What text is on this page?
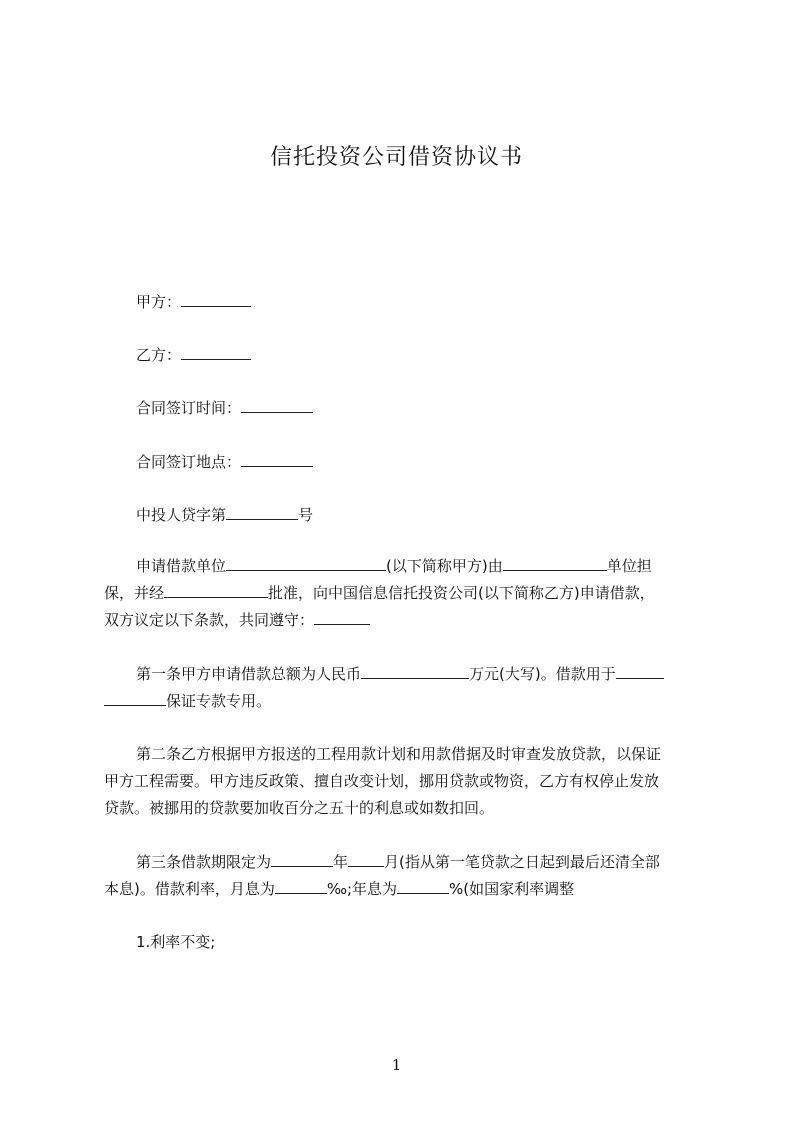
信托投资公司借资协议书
甲方：
乙方：
合同签订时间：
合同签订地点：
中投人贷字第	号
申请借款单位	(以下简称甲方)由	单位担
保，并经	批准，向中国信息信托投资公司(以下简称乙方)申请借款，
双方议定以下条款，共同遵守：
第一条甲方申请借款总额为人民币	万元(大写)。借款用于
保证专款专用。
第二条乙方根据甲方报送的工程用款计划和用款借据及时审查发放贷款，以保证
甲方工程需要。甲方违反政策、擅自改变计划，挪用贷款或物资，乙方有权停止发放
贷款。被挪用的贷款要加收百分之五十的利息或如数扣回。
第三条借款期限定为	年 月(指从第一笔贷款之日起到最后还清全部
本息)。借款利率，月息为	‰;年息为	%(如国家利率调整
1.利率不变;
1
